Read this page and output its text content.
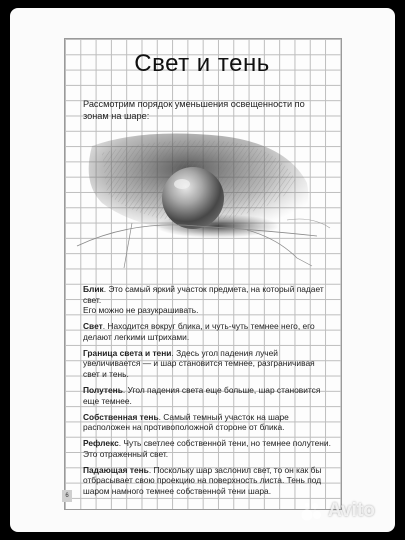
Свет и тень

Рассмотрим порядок уменьшения освещенности по зонам на шаре:

Блик. Это самый яркий участок предмета, на который падает свет.
Его можно не разукрашивать.

Свет. Находится вокруг блика, и чуть-чуть темнее него, его делают легкими штрихами.

Граница света и тени. Здесь угол падения лучей увеличивается — и шар становится темнее, разграничивая свет и тень.

Полутень. Угол падения света еще больше, шар становится еще темнее.

Собственная тень. Самый темный участок на шаре расположен на противоположной стороне от блика.

Рефлекс. Чуть светлее собственной тени, но темнее полутени. Это отраженный свет.

Падающая тень. Поскольку шар заслонил свет, то он как бы отбрасывает свою проекцию на поверхность листа. Тень под шаром намного темнее собственной тени шара.

6
Avito
